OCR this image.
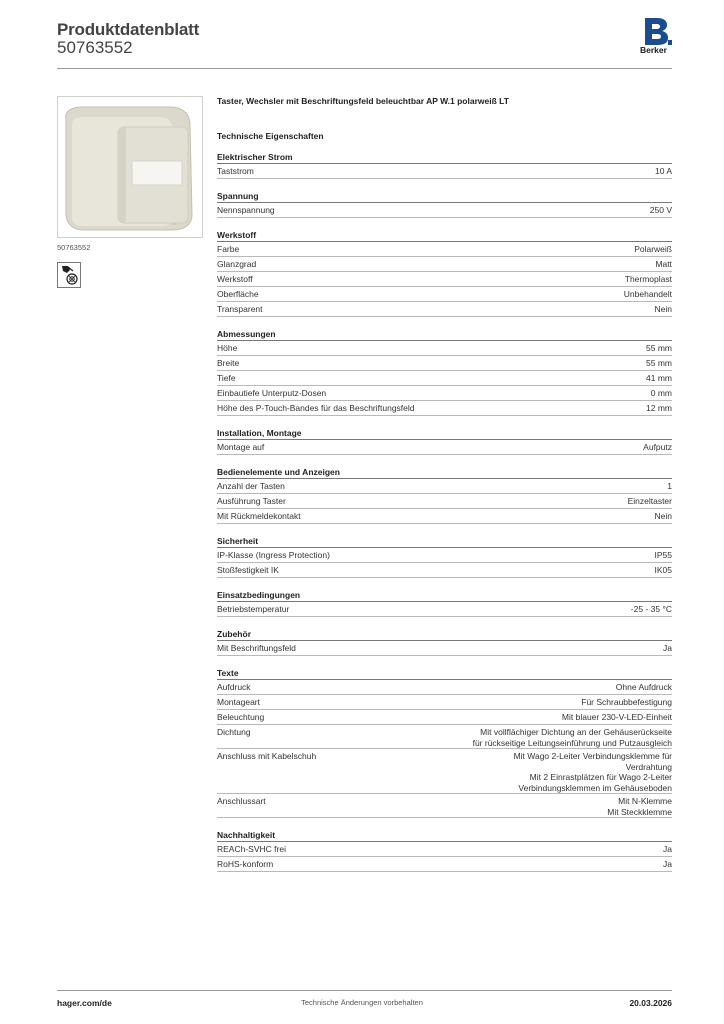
Produktdatenblatt
50763552	Berker
50763552
Taster, Wechsler mit Beschriftungsfeld beleuchtbar AP W.1 polarweiß LT
Technische Eigenschaften
Elektrischer Strom
Taststrom	10 A
Spannung
Nennspannung	250 V
Werkstoff
Farbe	Polarweiß
Glanzgrad	Matt
Werkstoff	Thermoplast
Oberfläche	Unbehandelt
Transparent	Nein
Abmessungen
Höhe	55 mm
Breite	55 mm
Tiefe	41 mm
Einbautiefe Unterputz-Dosen	0 mm
Höhe des P-Touch-Bandes für das Beschriftungsfeld	12 mm
Installation, Montage
Montage auf	Aufputz
Bedienelemente und Anzeigen
Anzahl der Tasten	1
Ausführung Taster	Einzeltaster
Mit Rückmeldekontakt	Nein
Sicherheit
IP-Klasse (Ingress Protection)	IP55
Stoßfestigkeit IK	IK05
Einsatzbedingungen
Betriebstemperatur	-25 - 35 °C
Zubehör
Mit Beschriftungsfeld	Ja
Texte
Aufdruck	Ohne Aufdruck
Montageart	Für Schraubbefestigung
Beleuchtung	Mit blauer 230-V-LED-Einheit
Dichtung	Mit vollflächiger Dichtung an der Gehäuserückseite
für rückseitige Leitungseinführung und Putzausgleich
Anschluss mit Kabelschuh	Mit Wago 2-Leiter Verbindungsklemme für
Verdrahtung
Mit 2 Einrastplätzen für Wago 2-Leiter
Verbindungsklemmen im Gehäuseboden
Anschlussart	Mit N-Klemme
Mit Steckklemme
Nachhaltigkeit
REACh-SVHC frei	Ja
RoHS-konform	Ja
hager.com/de	Technische Änderungen vorbehalten	20.03.2026
